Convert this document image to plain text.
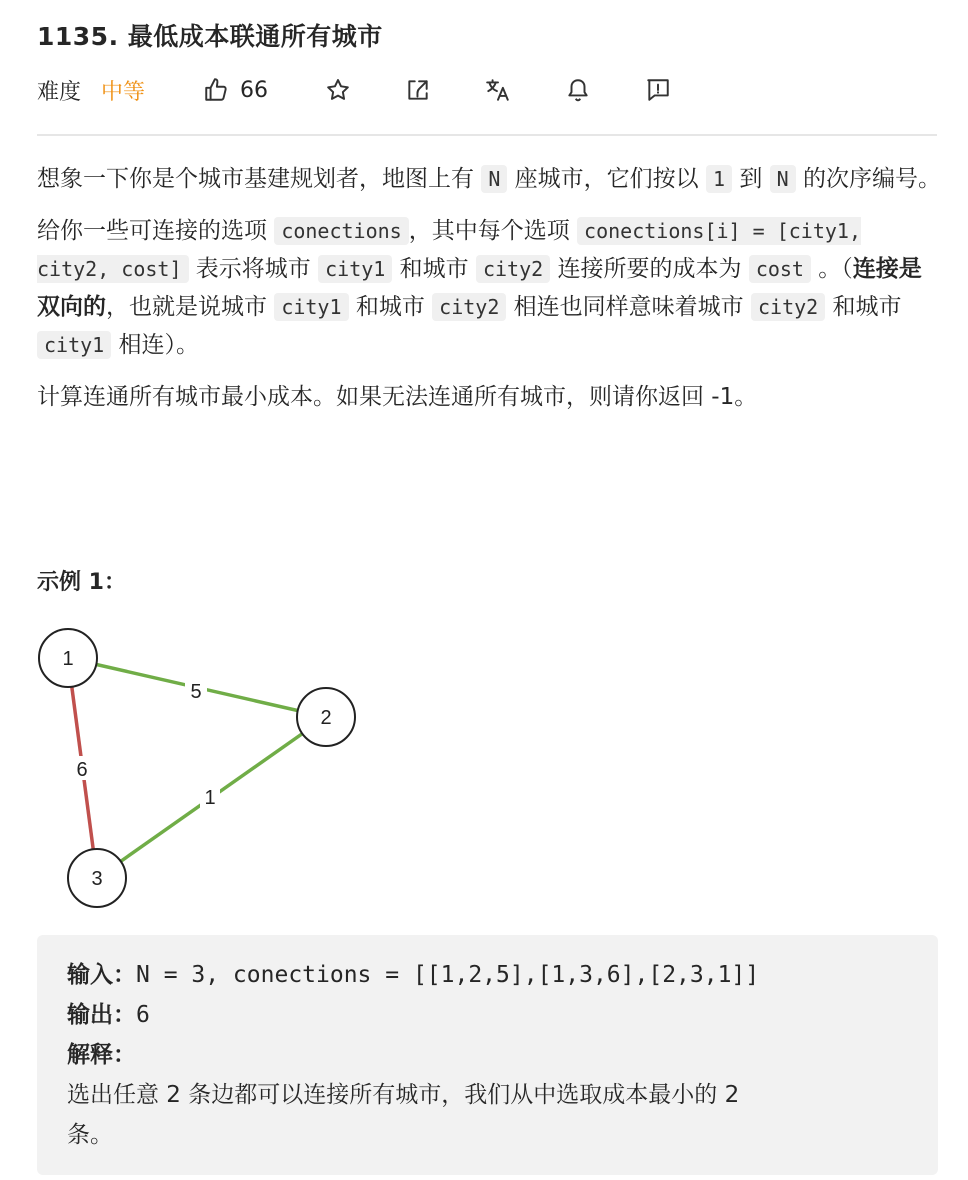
1135. 最低成本联通所有城市
难度 中等	66

想象一下你是个城市基建规划者，地图上有 N 座城市，它们按以 1 到 N 的次序编号。

给你一些可连接的选项 conections ，其中每个选项 conections[i] = [city1, city2, cost] 表示将城市 city1 和城市 city2 连接所要的成本为 cost 。（连接是双向的，也就是说城市 city1 和城市 city2 相连也同样意味着城市 city2 和城市 city1 相连）。

计算连通所有城市最小成本。如果无法连通所有城市，则请你返回 -1。

示例 1：
5
6
1
1
2
3
输入：N = 3, conections = [[1,2,5],[1,3,6],[2,3,1]]
输出：6
解释：
选出任意 2 条边都可以连接所有城市，我们从中选取成本最小的 2
条。
